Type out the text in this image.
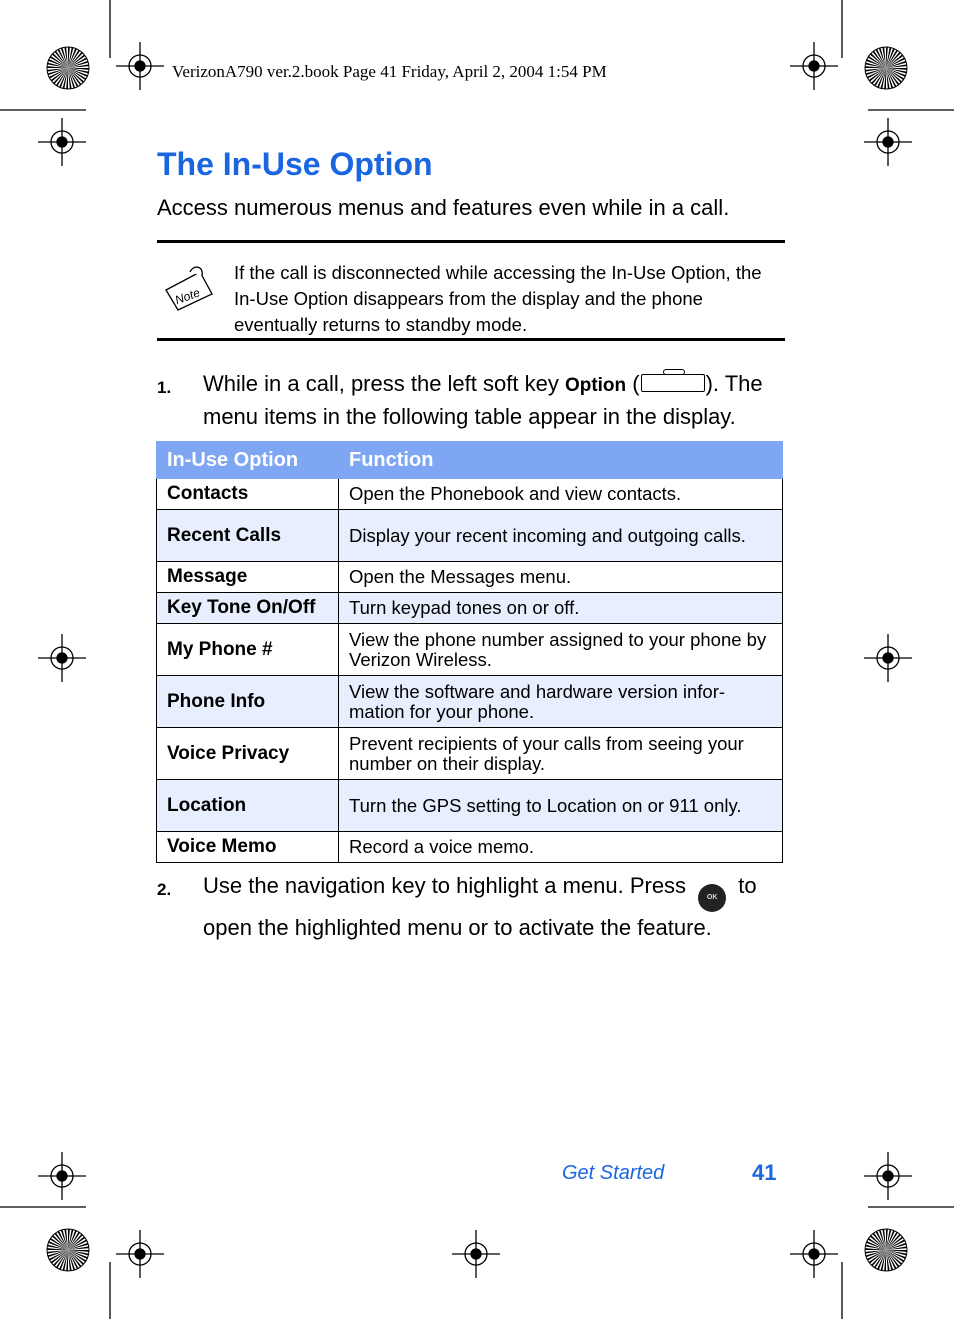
VerizonA790 ver.2.book Page 41 Friday, April 2, 2004 1:54 PM
The In-Use Option
Access numerous menus and features even while in a call.
Note
If the call is disconnected while accessing the In-Use Option, the In-Use Option disappears from the display and the phone eventually returns to standby mode.
1. While in a call, press the left soft key Option (	). The menu items in the following table appear in the display.
In-Use Option	Function
Contacts	Open the Phonebook and view contacts.
Recent Calls	Display your recent incoming and outgoing calls.
Message	Open the Messages menu.
Key Tone On/Off	Turn keypad tones on or off.
My Phone #	View the phone number assigned to your phone by Verizon Wireless.
Phone Info	View the software and hardware version infor-mation for your phone.
Voice Privacy	Prevent recipients of your calls from seeing your number on their display.
Location	Turn the GPS setting to Location on or 911 only.
Voice Memo	Record a voice memo.
2. Use the navigation key to highlight a menu. Press OK to open the highlighted menu or to activate the feature.
Get Started	41
